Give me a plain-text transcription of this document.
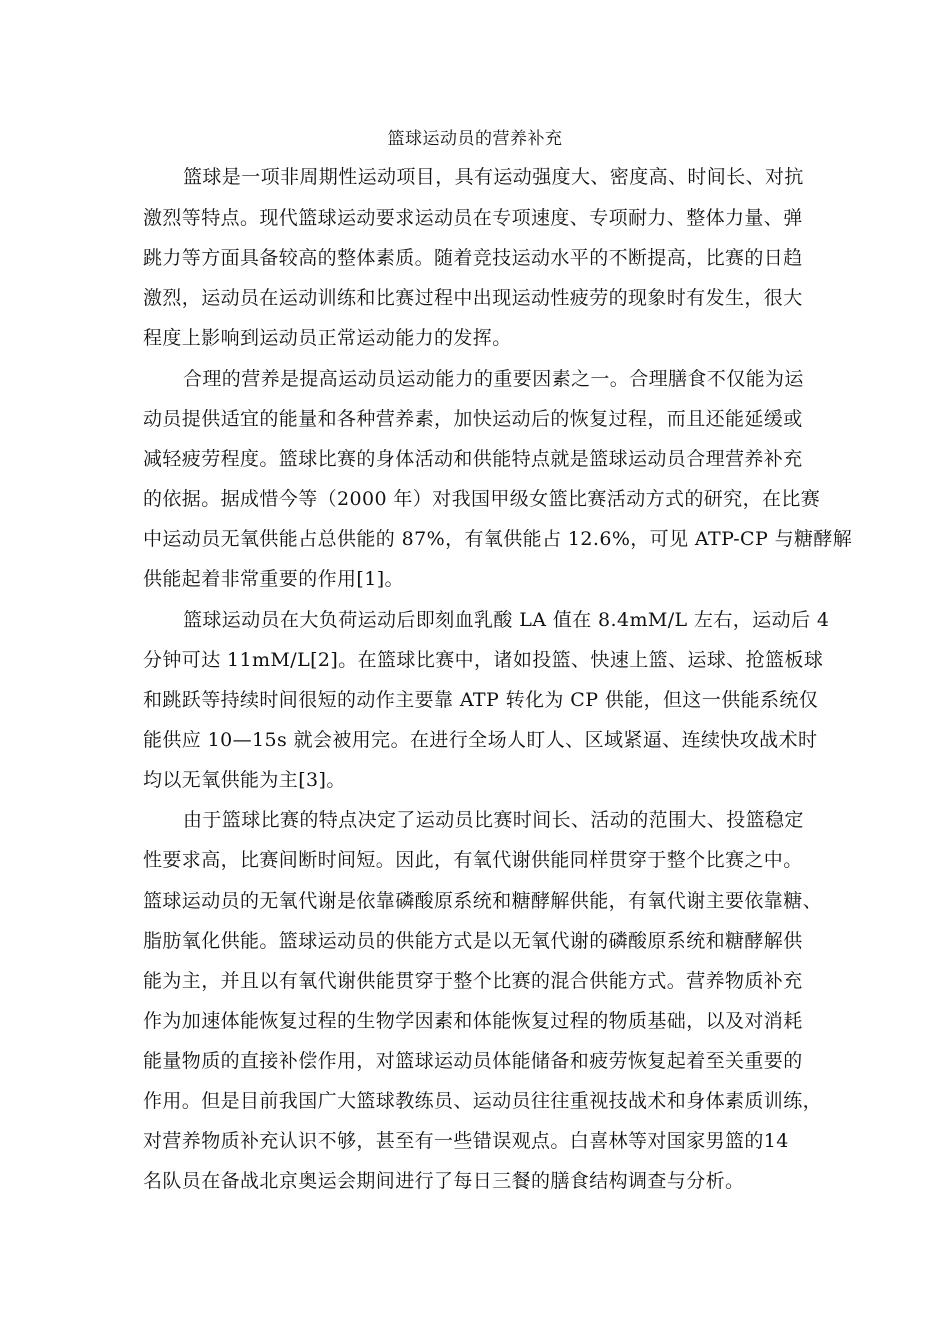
篮球运动员的营养补充
篮球是一项非周期性运动项目，具有运动强度大、密度高、时间长、对抗
激烈等特点。现代篮球运动要求运动员在专项速度、专项耐力、整体力量、弹
跳力等方面具备较高的整体素质。随着竞技运动水平的不断提高，比赛的日趋
激烈，运动员在运动训练和比赛过程中出现运动性疲劳的现象时有发生，很大
程度上影响到运动员正常运动能力的发挥。
合理的营养是提高运动员运动能力的重要因素之一。合理膳食不仅能为运
动员提供适宜的能量和各种营养素，加快运动后的恢复过程，而且还能延缓或
减轻疲劳程度。篮球比赛的身体活动和供能特点就是篮球运动员合理营养补充
的依据。据成惜今等（2000 年）对我国甲级女篮比赛活动方式的研究，在比赛
中运动员无氧供能占总供能的 87%，有氧供能占 12.6%，可见 ATP-CP 与糖酵解
供能起着非常重要的作用[1]。
篮球运动员在大负荷运动后即刻血乳酸 LA 值在 8.4mM/L 左右，运动后 4
分钟可达 11mM/L[2]。在篮球比赛中，诸如投篮、快速上篮、运球、抢篮板球
和跳跃等持续时间很短的动作主要靠 ATP 转化为 CP 供能，但这一供能系统仅
能供应 10—15s 就会被用完。在进行全场人盯人、区域紧逼、连续快攻战术时
均以无氧供能为主[3]。
由于篮球比赛的特点决定了运动员比赛时间长、活动的范围大、投篮稳定
性要求高，比赛间断时间短。因此，有氧代谢供能同样贯穿于整个比赛之中。
篮球运动员的无氧代谢是依靠磷酸原系统和糖酵解供能，有氧代谢主要依靠糖、
脂肪氧化供能。篮球运动员的供能方式是以无氧代谢的磷酸原系统和糖酵解供
能为主，并且以有氧代谢供能贯穿于整个比赛的混合供能方式。营养物质补充
作为加速体能恢复过程的生物学因素和体能恢复过程的物质基础，以及对消耗
能量物质的直接补偿作用，对篮球运动员体能储备和疲劳恢复起着至关重要的
作用。但是目前我国广大篮球教练员、运动员往往重视技战术和身体素质训练，
对营养物质补充认识不够，甚至有一些错误观点。白喜林等对国家男篮的14
名队员在备战北京奥运会期间进行了每日三餐的膳食结构调查与分析。
